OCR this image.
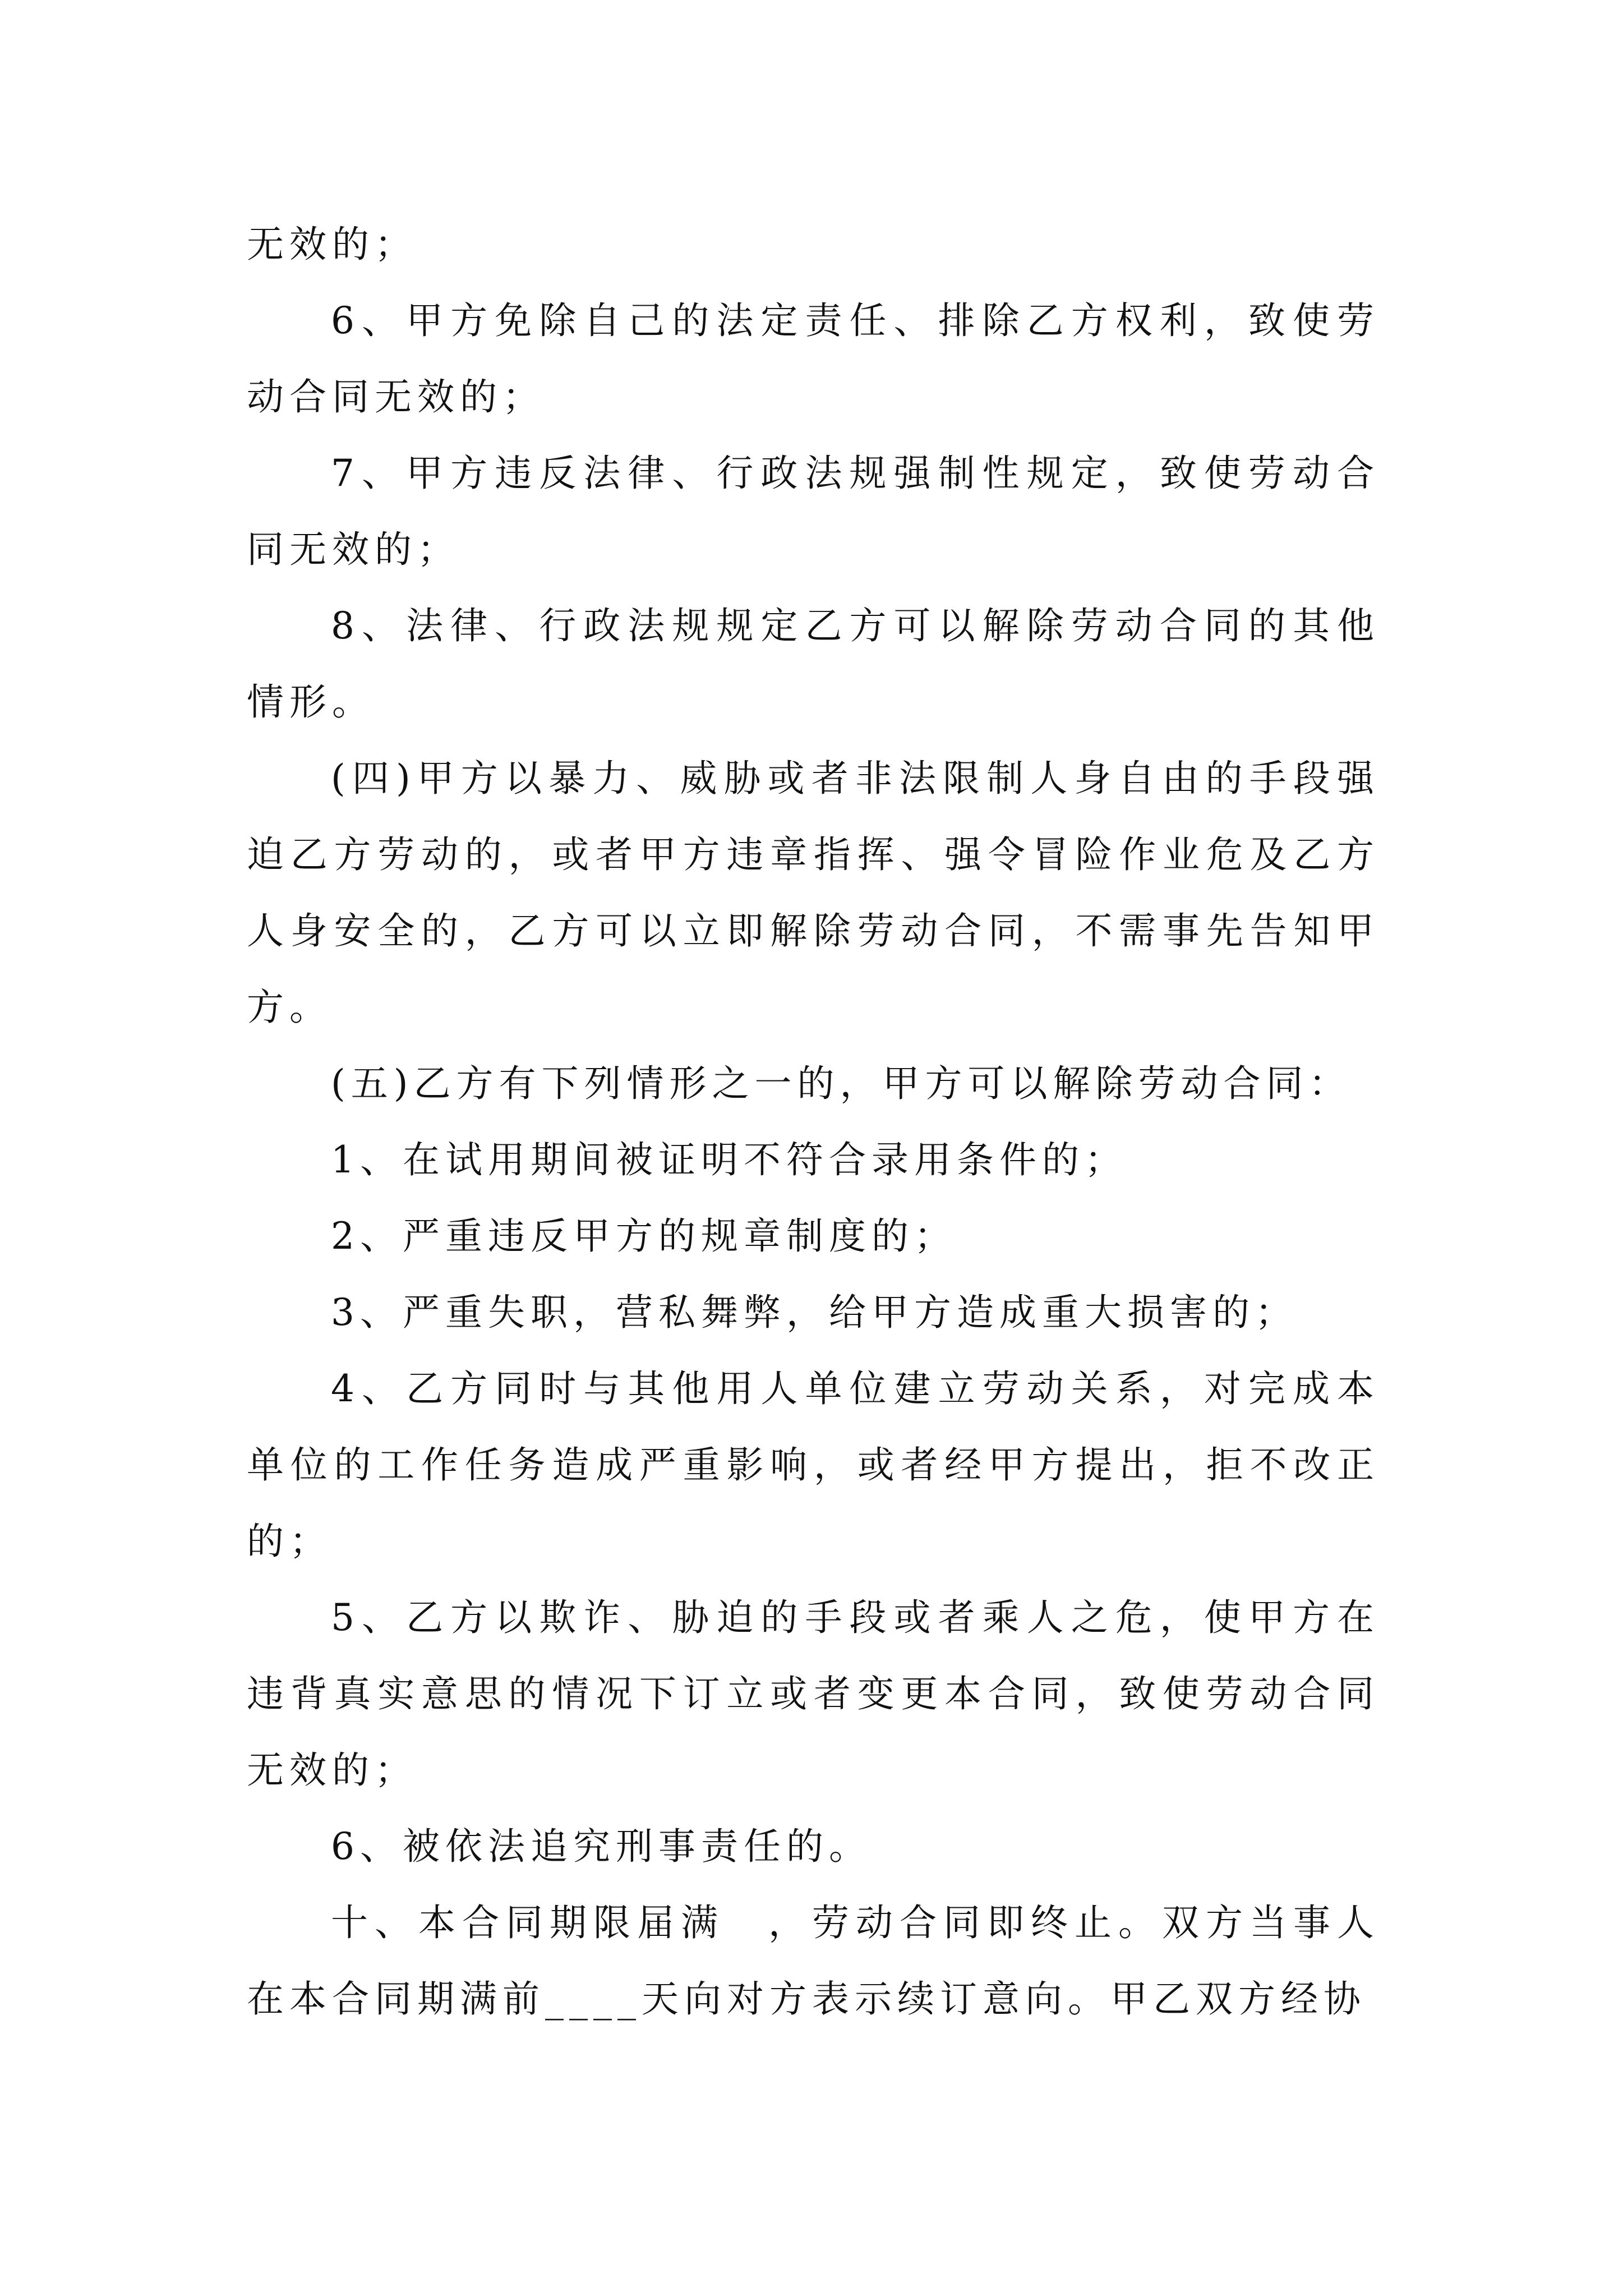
无效的；

6、甲方免除自己的法定责任、排除乙方权利，致使劳动合同无效的；

7、甲方违反法律、行政法规强制性规定，致使劳动合同无效的；

8、法律、行政法规规定乙方可以解除劳动合同的其他情形。

(四)甲方以暴力、威胁或者非法限制人身自由的手段强迫乙方劳动的，或者甲方违章指挥、强令冒险作业危及乙方人身安全的，乙方可以立即解除劳动合同，不需事先告知甲方。

(五)乙方有下列情形之一的，甲方可以解除劳动合同：

1、在试用期间被证明不符合录用条件的；

2、严重违反甲方的规章制度的；

3、严重失职，营私舞弊，给甲方造成重大损害的；

4、乙方同时与其他用人单位建立劳动关系，对完成本单位的工作任务造成严重影响，或者经甲方提出，拒不改正的；

5、乙方以欺诈、胁迫的手段或者乘人之危，使甲方在违背真实意思的情况下订立或者变更本合同，致使劳动合同无效的；

6、被依法追究刑事责任的。

十、本合同期限届满　，劳动合同即终止。双方当事人在本合同期满前____天向对方表示续订意向。甲乙双方经协
